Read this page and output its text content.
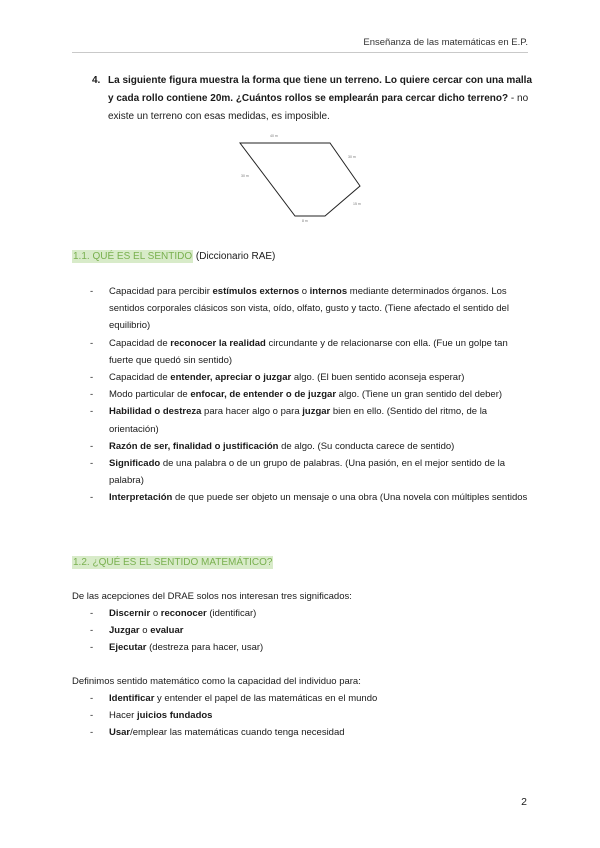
Enseñanza de las matemáticas en E.P.
4. La siguiente figura muestra la forma que tiene un terreno. Lo quiere cercar con una malla y cada rollo contiene 20m. ¿Cuántos rollos se emplearán para cercar dicho terreno? - no existe un terreno con esas medidas, es imposible.
40 m
30 m
30 m
15 m
8 m
1.1. QUÉ ES EL SENTIDO (Diccionario RAE)
- Capacidad para percibir estímulos externos o internos mediante determinados órganos. Los sentidos corporales clásicos son vista, oído, olfato, gusto y tacto. (Tiene afectado el sentido del equilibrio)
- Capacidad de reconocer la realidad circundante y de relacionarse con ella. (Fue un golpe tan fuerte que quedó sin sentido)
- Capacidad de entender, apreciar o juzgar algo. (El buen sentido aconseja esperar)
- Modo particular de enfocar, de entender o de juzgar algo. (Tiene un gran sentido del deber)
- Habilidad o destreza para hacer algo o para juzgar bien en ello. (Sentido del ritmo, de la orientación)
- Razón de ser, finalidad o justificación de algo. (Su conducta carece de sentido)
- Significado de una palabra o de un grupo de palabras. (Una pasión, en el mejor sentido de la palabra)
- Interpretación de que puede ser objeto un mensaje o una obra (Una novela con múltiples sentidos
1.2. ¿QUÉ ES EL SENTIDO MATEMÁTICO?

De las acepciones del DRAE solos nos interesan tres significados:

- Discernir o reconocer (identificar)
- Juzgar o evaluar
- Ejecutar (destreza para hacer, usar)

Definimos sentido matemático como la capacidad del individuo para:

- Identificar y entender el papel de las matemáticas en el mundo
- Hacer juicios fundados
- Usar/emplear las matemáticas cuando tenga necesidad
2
